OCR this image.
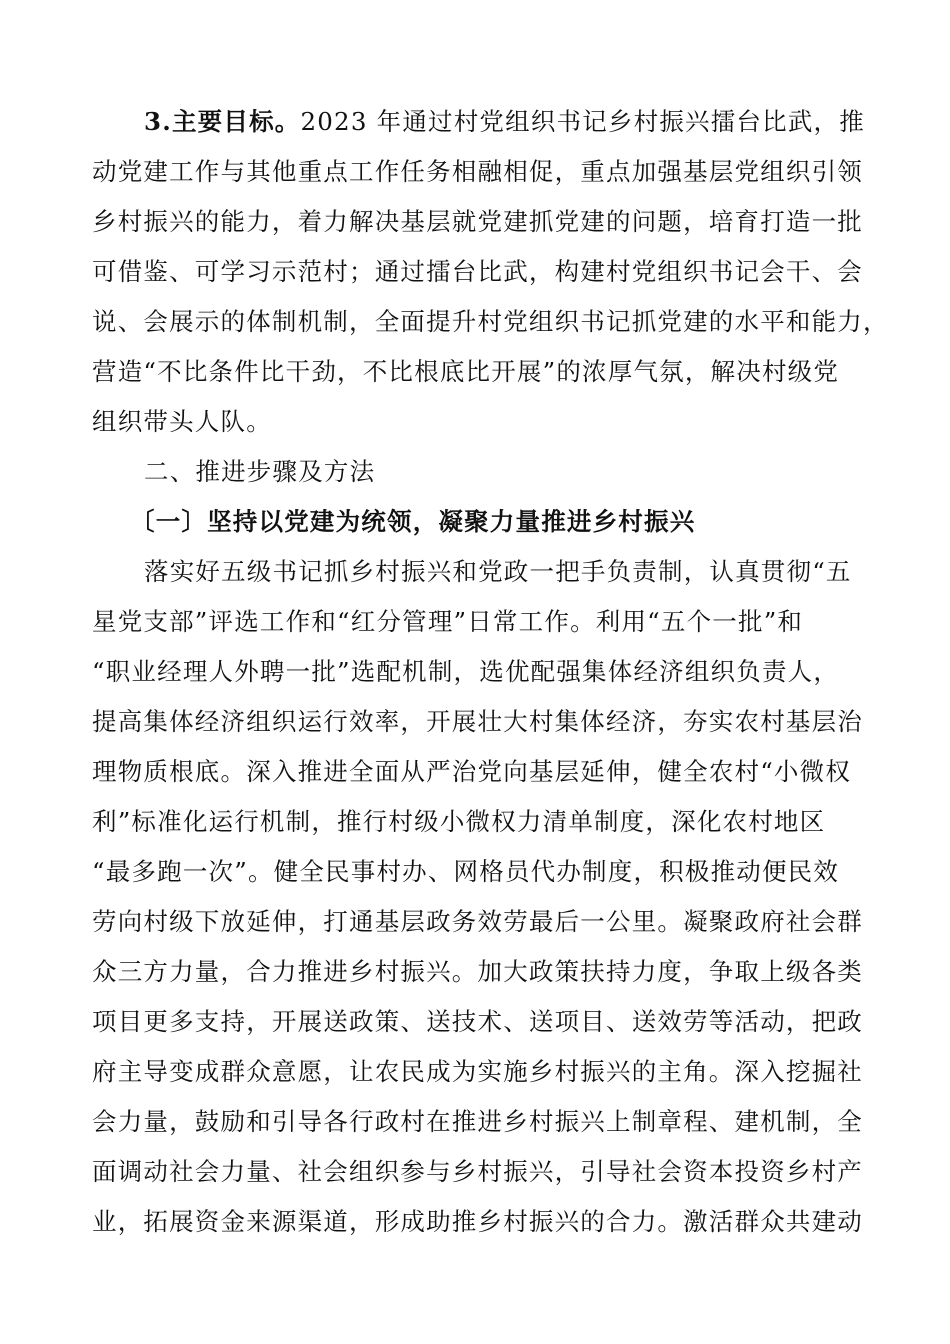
3.主要目标。2023 年通过村党组织书记乡村振兴擂台比武，推
动党建工作与其他重点工作任务相融相促，重点加强基层党组织引领
乡村振兴的能力，着力解决基层就党建抓党建的问题，培育打造一批
可借鉴、可学习示范村；通过擂台比武，构建村党组织书记会干、会
说、会展示的体制机制，全面提升村党组织书记抓党建的水平和能力，
营造“不比条件比干劲，不比根底比开展”的浓厚气氛，解决村级党
组织带头人队。
二、推进步骤及方法
〔一〕坚持以党建为统领，凝聚力量推进乡村振兴
落实好五级书记抓乡村振兴和党政一把手负责制，认真贯彻“五
星党支部”评选工作和“红分管理”日常工作。利用“五个一批”和
“职业经理人外聘一批”选配机制，选优配强集体经济组织负责人，
提高集体经济组织运行效率，开展壮大村集体经济，夯实农村基层治
理物质根底。深入推进全面从严治党向基层延伸，健全农村“小微权
利”标准化运行机制，推行村级小微权力清单制度，深化农村地区
“最多跑一次”。健全民事村办、网格员代办制度，积极推动便民效
劳向村级下放延伸，打通基层政务效劳最后一公里。凝聚政府社会群
众三方力量，合力推进乡村振兴。加大政策扶持力度，争取上级各类
项目更多支持，开展送政策、送技术、送项目、送效劳等活动，把政
府主导变成群众意愿，让农民成为实施乡村振兴的主角。深入挖掘社
会力量，鼓励和引导各行政村在推进乡村振兴上制章程、建机制，全
面调动社会力量、社会组织参与乡村振兴，引导社会资本投资乡村产
业，拓展资金来源渠道，形成助推乡村振兴的合力。激活群众共建动
